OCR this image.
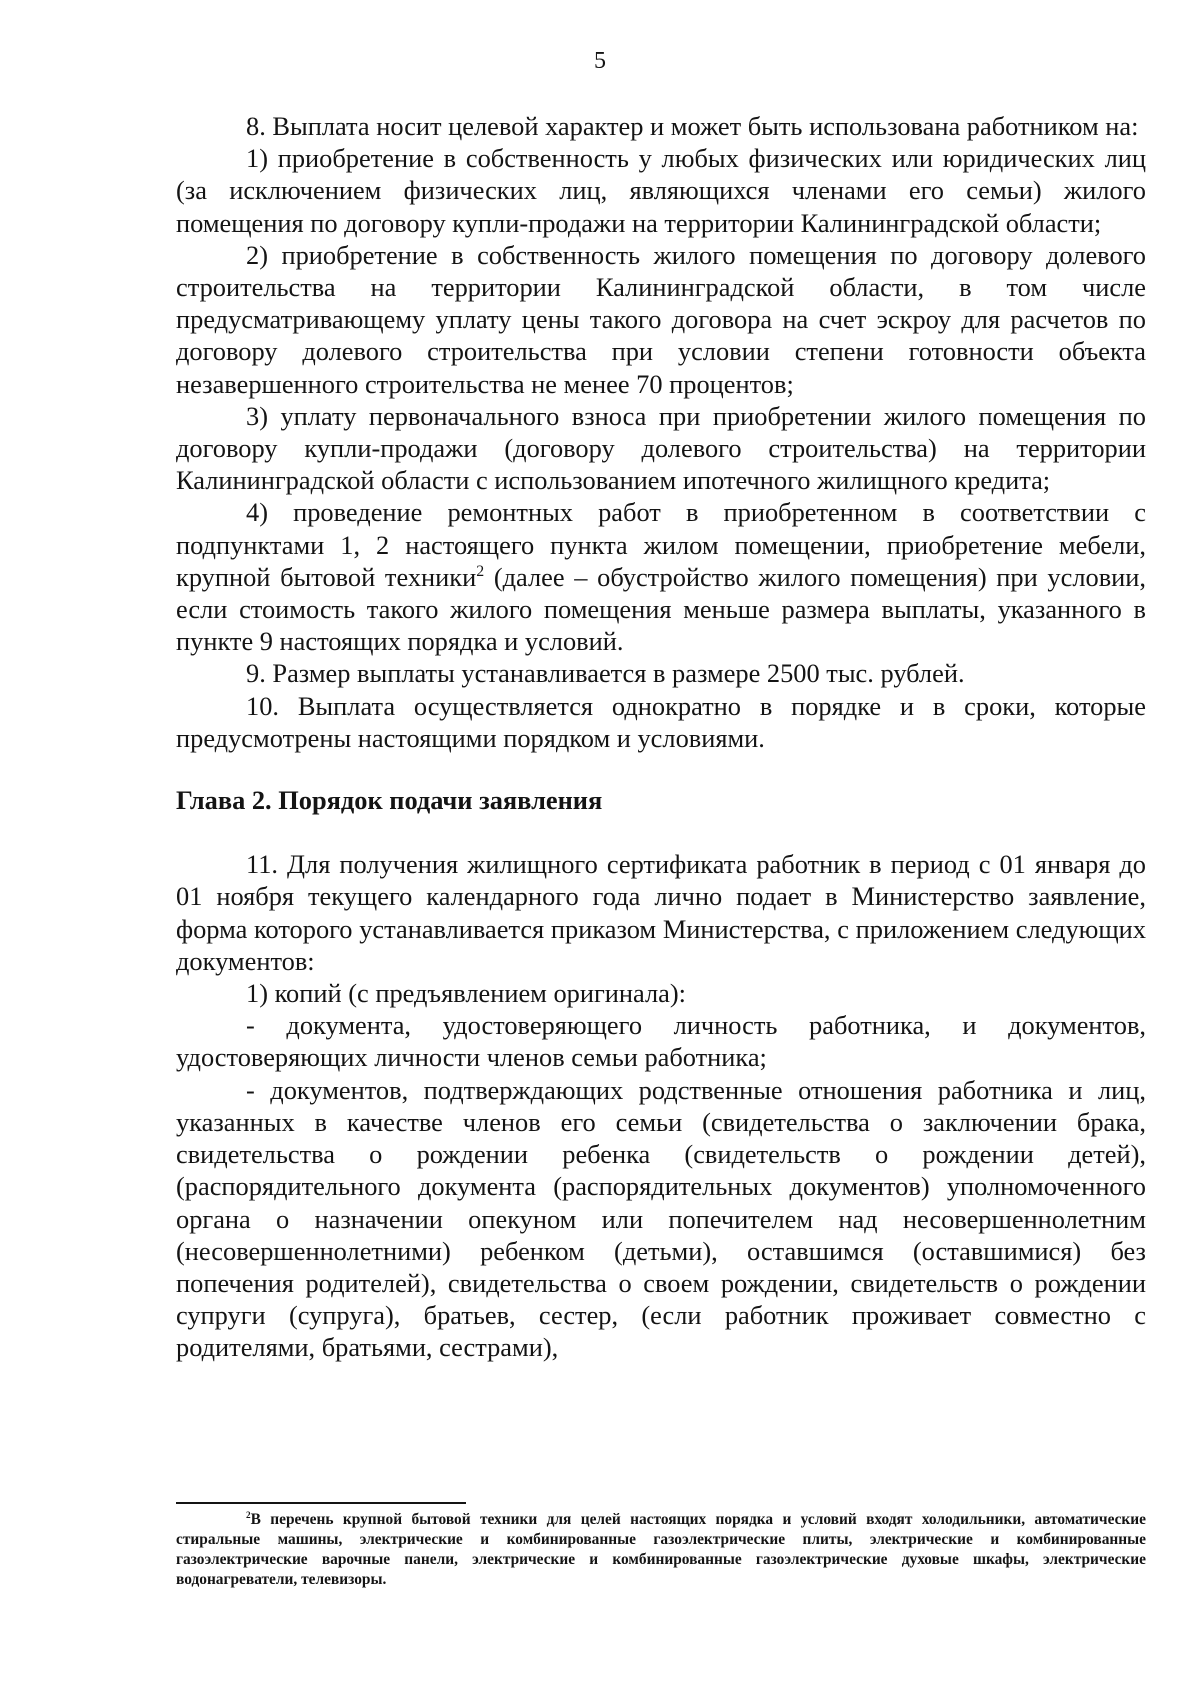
5

8. Выплата носит целевой характер и может быть использована работником на:

1) приобретение в собственность у любых физических или юридических лиц (за исключением физических лиц, являющихся членами его семьи) жилого помещения по договору купли-продажи на территории Калининградской области;

2) приобретение в собственность жилого помещения по договору долевого строительства на территории Калининградской области, в том числе предусматривающему уплату цены такого договора на счет эскроу для расчетов по договору долевого строительства при условии степени готовности объекта незавершенного строительства не менее 70 процентов;

3) уплату первоначального взноса при приобретении жилого помещения по договору купли-продажи (договору долевого строительства) на территории Калининградской области с использованием ипотечного жилищного кредита;

4) проведение ремонтных работ в приобретенном в соответствии с подпунктами 1, 2 настоящего пункта жилом помещении, приобретение мебели, крупной бытовой техники$^2$ (далее – обустройство жилого помещения) при условии, если стоимость такого жилого помещения меньше размера выплаты, указанного в пункте 9 настоящих порядка и условий.

9. Размер выплаты устанавливается в размере 2500 тыс. рублей.

10. Выплата осуществляется однократно в порядке и в сроки, которые предусмотрены настоящими порядком и условиями.

Глава 2. Порядок подачи заявления

11. Для получения жилищного сертификата работник в период с 01 января до 01 ноября текущего календарного года лично подает в Министерство заявление, форма которого устанавливается приказом Министерства, с приложением следующих документов:

1) копий (с предъявлением оригинала):

- документа, удостоверяющего личность работника, и документов, удостоверяющих личности членов семьи работника;

- документов, подтверждающих родственные отношения работника и лиц, указанных в качестве членов его семьи (свидетельства о заключении брака, свидетельства о рождении ребенка (свидетельств о рождении детей), (распорядительного документа (распорядительных документов) уполномоченного органа о назначении опекуном или попечителем над несовершеннолетним (несовершеннолетними) ребенком (детьми), оставшимся (оставшимися) без попечения родителей), свидетельства о своем рождении, свидетельств о рождении супруги (супруга), братьев, сестер, (если работник проживает совместно с родителями, братьями, сестрами),

$^2$В перечень крупной бытовой техники для целей настоящих порядка и условий входят холодильники, автоматические стиральные машины, электрические и комбинированные газоэлектрические плиты, электрические и комбинированные газоэлектрические варочные панели, электрические и комбинированные газоэлектрические духовые шкафы, электрические водонагреватели, телевизоры.
